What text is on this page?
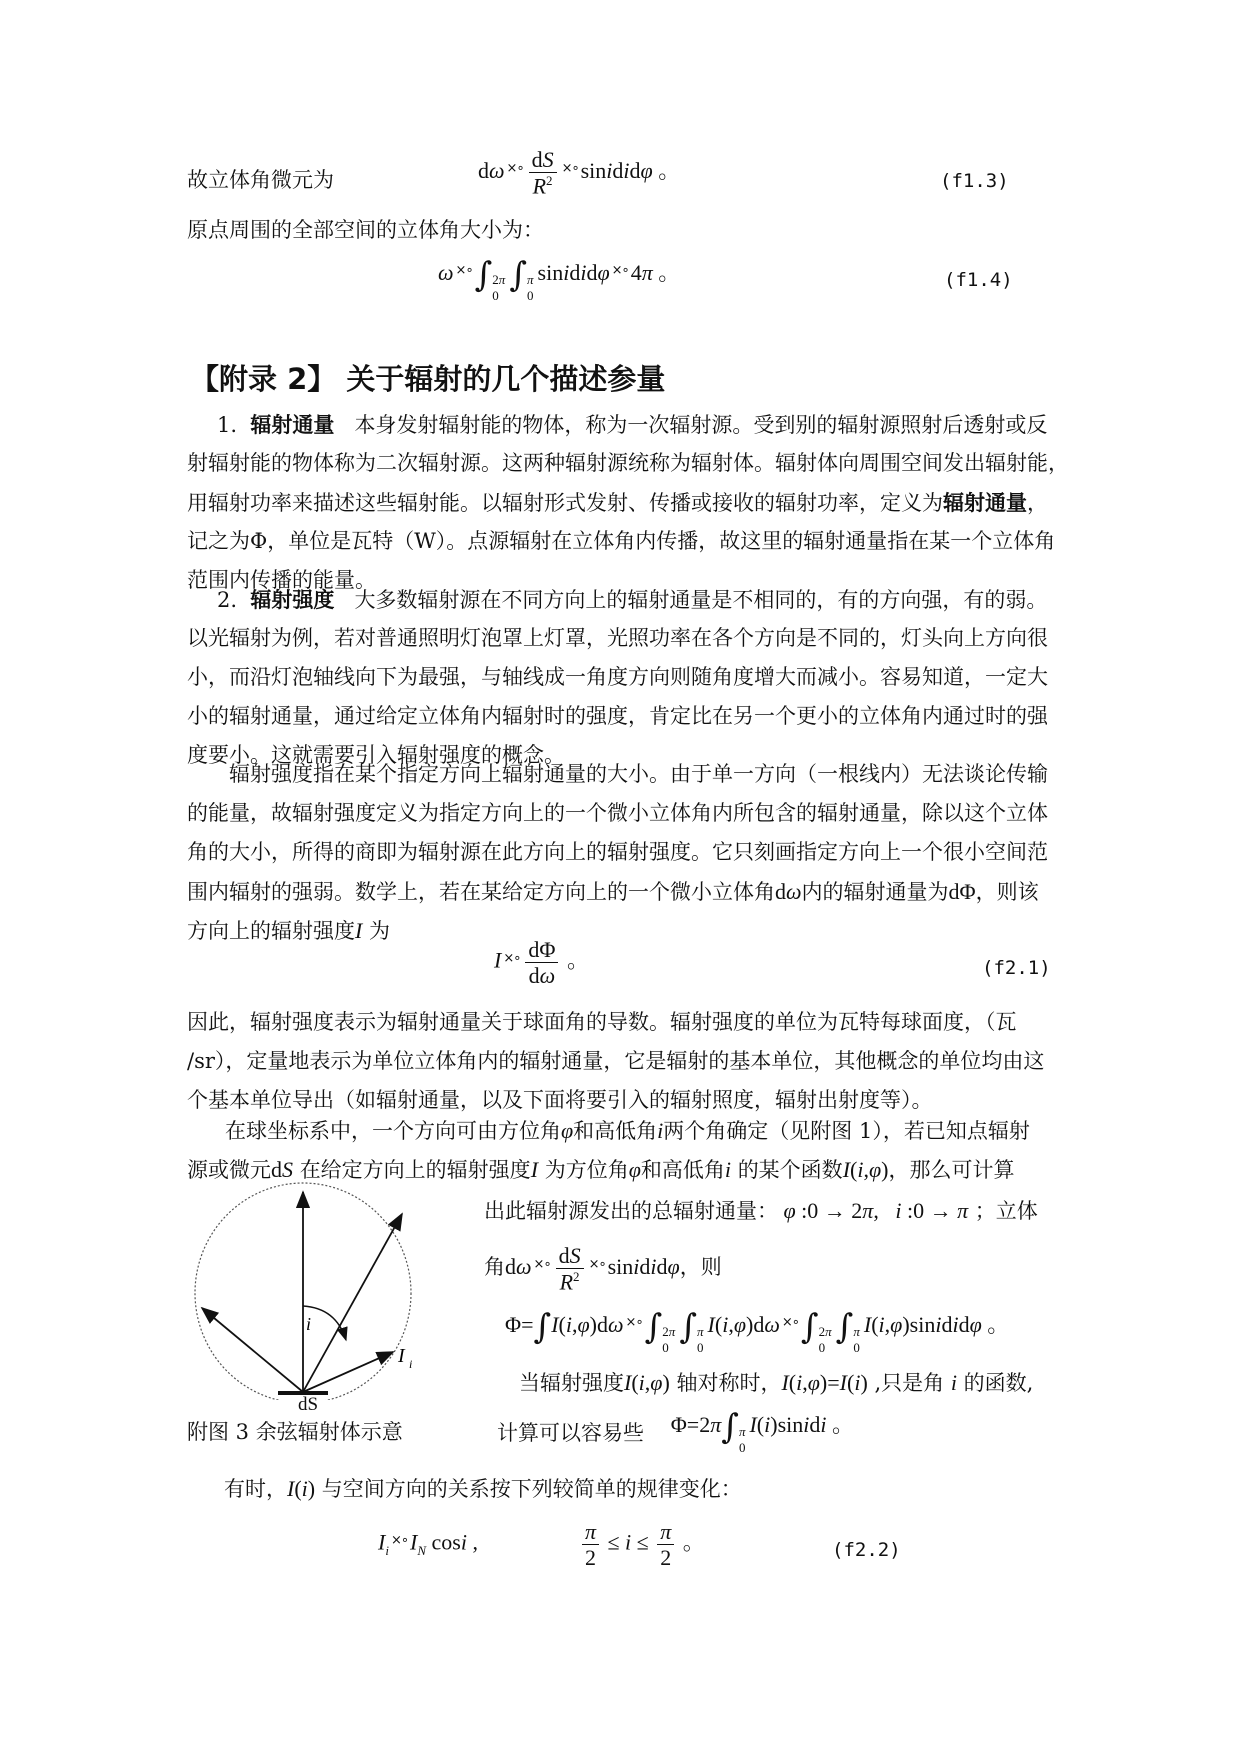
故立体角微元为	dω $^{\times\circ} \frac{dS}{R^2}$ ×∘sinididφ 。	(f1.3)
原点周围的全部空间的立体角大小为：
ω ×∘∫ 2π
0
∫ π
0
sinididφ ×∘4π 。	(f1.4)
【附录 2】 关于辐射的几个描述参量
1. 辐射通量 本身发射辐射能的物体，称为一次辐射源。受到别的辐射源照射后透射或反
射辐射能的物体称为二次辐射源。这两种辐射源统称为辐射体。辐射体向周围空间发出辐射能，
用辐射功率来描述这些辐射能。以辐射形式发射、传播或接收的辐射功率，定义为辐射通量，
记之为Φ，单位是瓦特（W）。点源辐射在立体角内传播，故这里的辐射通量指在某一个立体角
范围内传播的能量。
2. 辐射强度 大多数辐射源在不同方向上的辐射通量是不相同的，有的方向强，有的弱。
以光辐射为例，若对普通照明灯泡罩上灯罩，光照功率在各个方向是不同的，灯头向上方向很
小，而沿灯泡轴线向下为最强，与轴线成一角度方向则随角度增大而减小。容易知道，一定大
小的辐射通量，通过给定立体角内辐射时的强度，肯定比在另一个更小的立体角内通过时的强
度要小。这就需要引入辐射强度的概念。
辐射强度指在某个指定方向上辐射通量的大小。由于单一方向（一根线内）无法谈论传输
的能量，故辐射强度定义为指定方向上的一个微小立体角内所包含的辐射通量，除以这个立体
角的大小，所得的商即为辐射源在此方向上的辐射强度。它只刻画指定方向上一个很小空间范
围内辐射的强弱。数学上，若在某给定方向上的一个微小立体角dω内的辐射通量为dΦ，则该
方向上的辐射强度I 为
I $^{\times\circ} \frac{d\Phi}{d\omega}$ 。	(f2.1)
因此，辐射强度表示为辐射通量关于球面角的导数。辐射强度的单位为瓦特每球面度，（瓦
/sr），定量地表示为单位立体角内的辐射通量，它是辐射的基本单位，其他概念的单位均由这
个基本单位导出（如辐射通量，以及下面将要引入的辐射照度，辐射出射度等）。
在球坐标系中，一个方向可由方位角φ和高低角i两个角确定（见附图 1），若已知点辐射
源或微元dS 在给定方向上的辐射强度I 为方位角φ和高低角i 的某个函数I(i,φ)，那么可计算
i
I i
dS
附图 3 余弦辐射体示意
出此辐射源发出的总辐射通量： φ :0 → 2π,   i :0 → π ；立体
角dω $^{\times\circ} \frac{dS}{R^2}$ ×∘sinididφ，则
Φ=∫I(i,φ)dω ×∘∫ 2π
0
∫ π
0
I(i,φ)dω ×∘∫ 2π
0
∫ π
0
I(i,φ)sinididφ 。
当辐射强度I(i,φ) 轴对称时，I(i,φ)=I(i) ,只是角 i 的函数,
计算可以容易些 Φ=2π∫ π
0
I(i)sinidi 。
有时，I(i) 与空间方向的关系按下列较简单的规律变化：
$I_i^{\times\circ}I_N$ cosi ,	$\frac{\pi}{2} \le i \le \frac{\pi}{2}$ 。	(f2.2)
